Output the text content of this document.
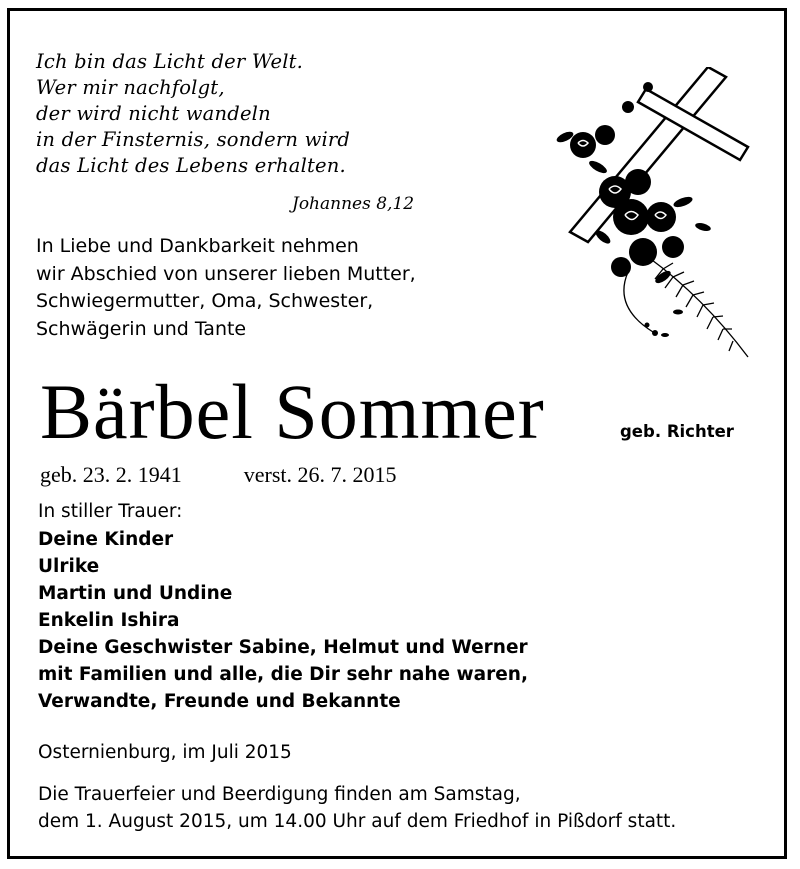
Ich bin das Licht der Welt.
Wer mir nachfolgt,
der wird nicht wandeln
in der Finsternis, sondern wird
das Licht des Lebens erhalten.
Johannes 8,12
In Liebe und Dankbarkeit nehmen
wir Abschied von unserer lieben Mutter,
Schwiegermutter, Oma, Schwester,
Schwägerin und Tante
Bärbel Sommer	geb. Richter
geb. 23. 2. 1941	verst. 26. 7. 2015
In stiller Trauer:
Deine Kinder
Ulrike
Martin und Undine
Enkelin Ishira
Deine Geschwister Sabine, Helmut und Werner
mit Familien und alle, die Dir sehr nahe waren,
Verwandte, Freunde und Bekannte
Osternienburg, im Juli 2015
Die Trauerfeier und Beerdigung finden am Samstag,
dem 1. August 2015, um 14.00 Uhr auf dem Friedhof in Pißdorf statt.
